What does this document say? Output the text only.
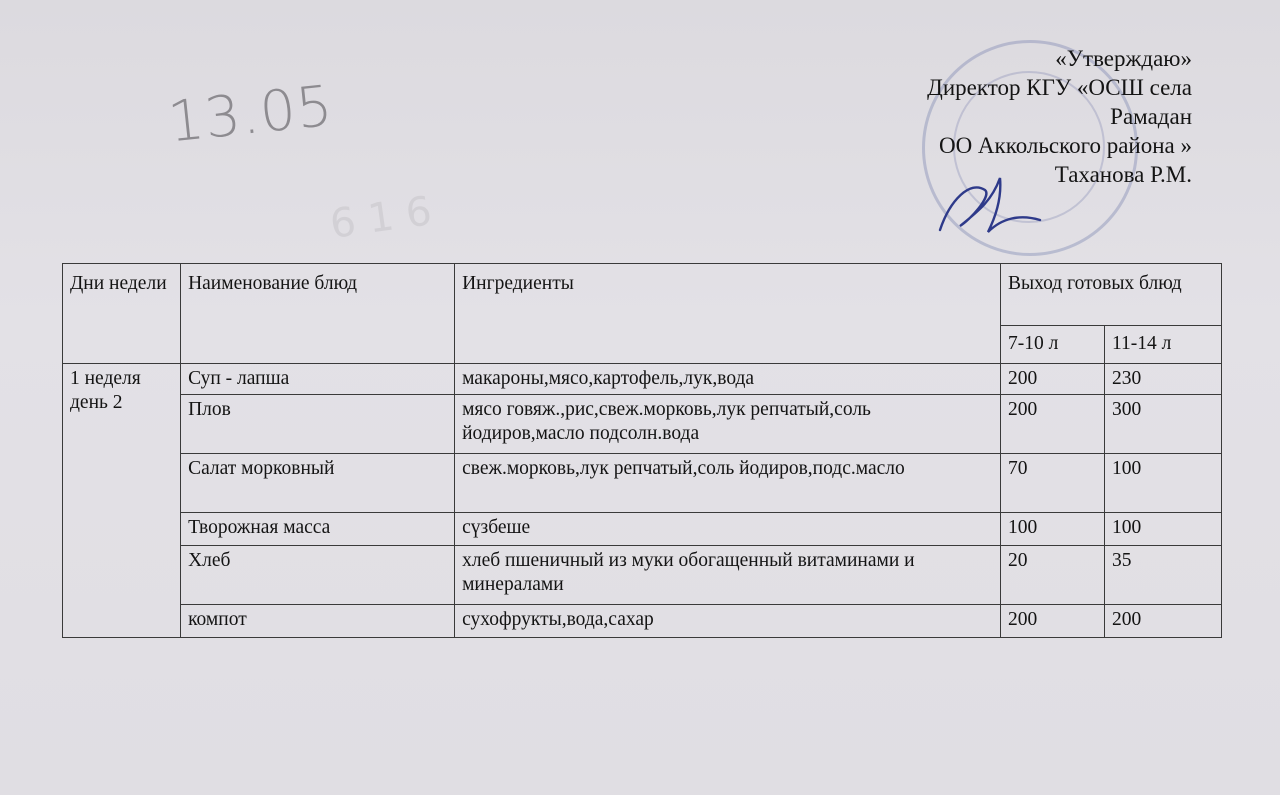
13.05
6 1 6
«Утверждаю»
Директор КГУ «ОСШ села
Рамадан
ОО Аккольского района »
Таханова Р.М.
Дни недели	Наименование блюд	Ингредиенты	Выход готовых блюд	
			7-10 л	11-14 л
1 неделя день 2	Суп - лапша	макароны,мясо,картофель,лук,вода	200	230
	Плов	мясо говяж.,рис,свеж.морковь,лук репчатый,соль йодиров,масло подсолн.вода	200	300
	Салат морковный	свеж.морковь,лук репчатый,соль йодиров,подс.масло	70	100
	Творожная масса	сүзбеше	100	100
	Хлеб	хлеб пшеничный из муки обогащенный витаминами и минералами	20	35
	компот	сухофрукты,вода,сахар	200	200
